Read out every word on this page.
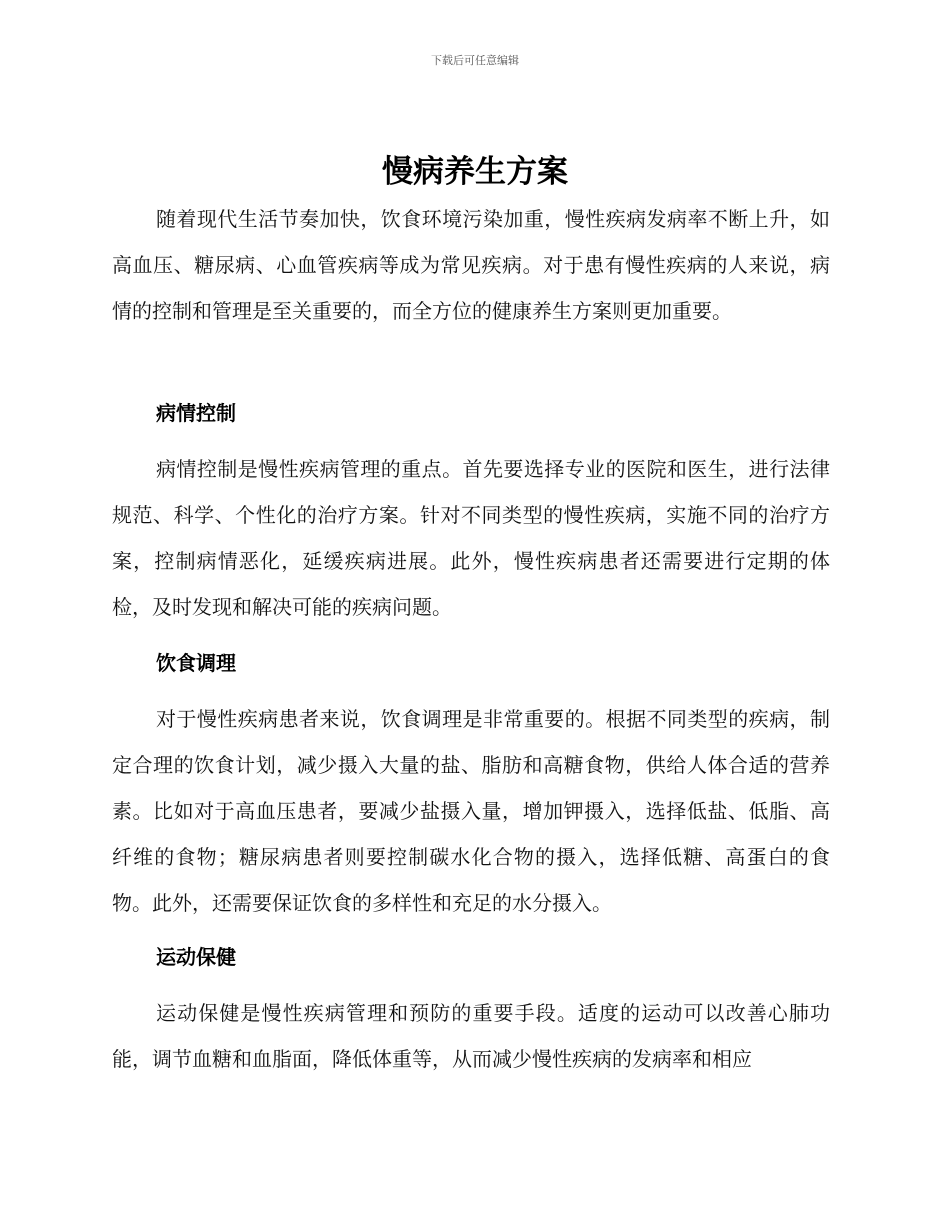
下载后可任意编辑
慢病养生方案

随着现代生活节奏加快，饮食环境污染加重，慢性疾病发病率不断上升，如高血压、糖尿病、心血管疾病等成为常见疾病。对于患有慢性疾病的人来说，病情的控制和管理是至关重要的，而全方位的健康养生方案则更加重要。

病情控制

病情控制是慢性疾病管理的重点。首先要选择专业的医院和医生，进行法律规范、科学、个性化的治疗方案。针对不同类型的慢性疾病，实施不同的治疗方案，控制病情恶化，延缓疾病进展。此外，慢性疾病患者还需要进行定期的体检，及时发现和解决可能的疾病问题。

饮食调理

对于慢性疾病患者来说，饮食调理是非常重要的。根据不同类型的疾病，制定合理的饮食计划，减少摄入大量的盐、脂肪和高糖食物，供给人体合适的营养素。比如对于高血压患者，要减少盐摄入量，增加钾摄入，选择低盐、低脂、高纤维的食物；糖尿病患者则要控制碳水化合物的摄入，选择低糖、高蛋白的食物。此外，还需要保证饮食的多样性和充足的水分摄入。

运动保健

运动保健是慢性疾病管理和预防的重要手段。适度的运动可以改善心肺功能，调节血糖和血脂面，降低体重等，从而减少慢性疾病的发病率和相应
